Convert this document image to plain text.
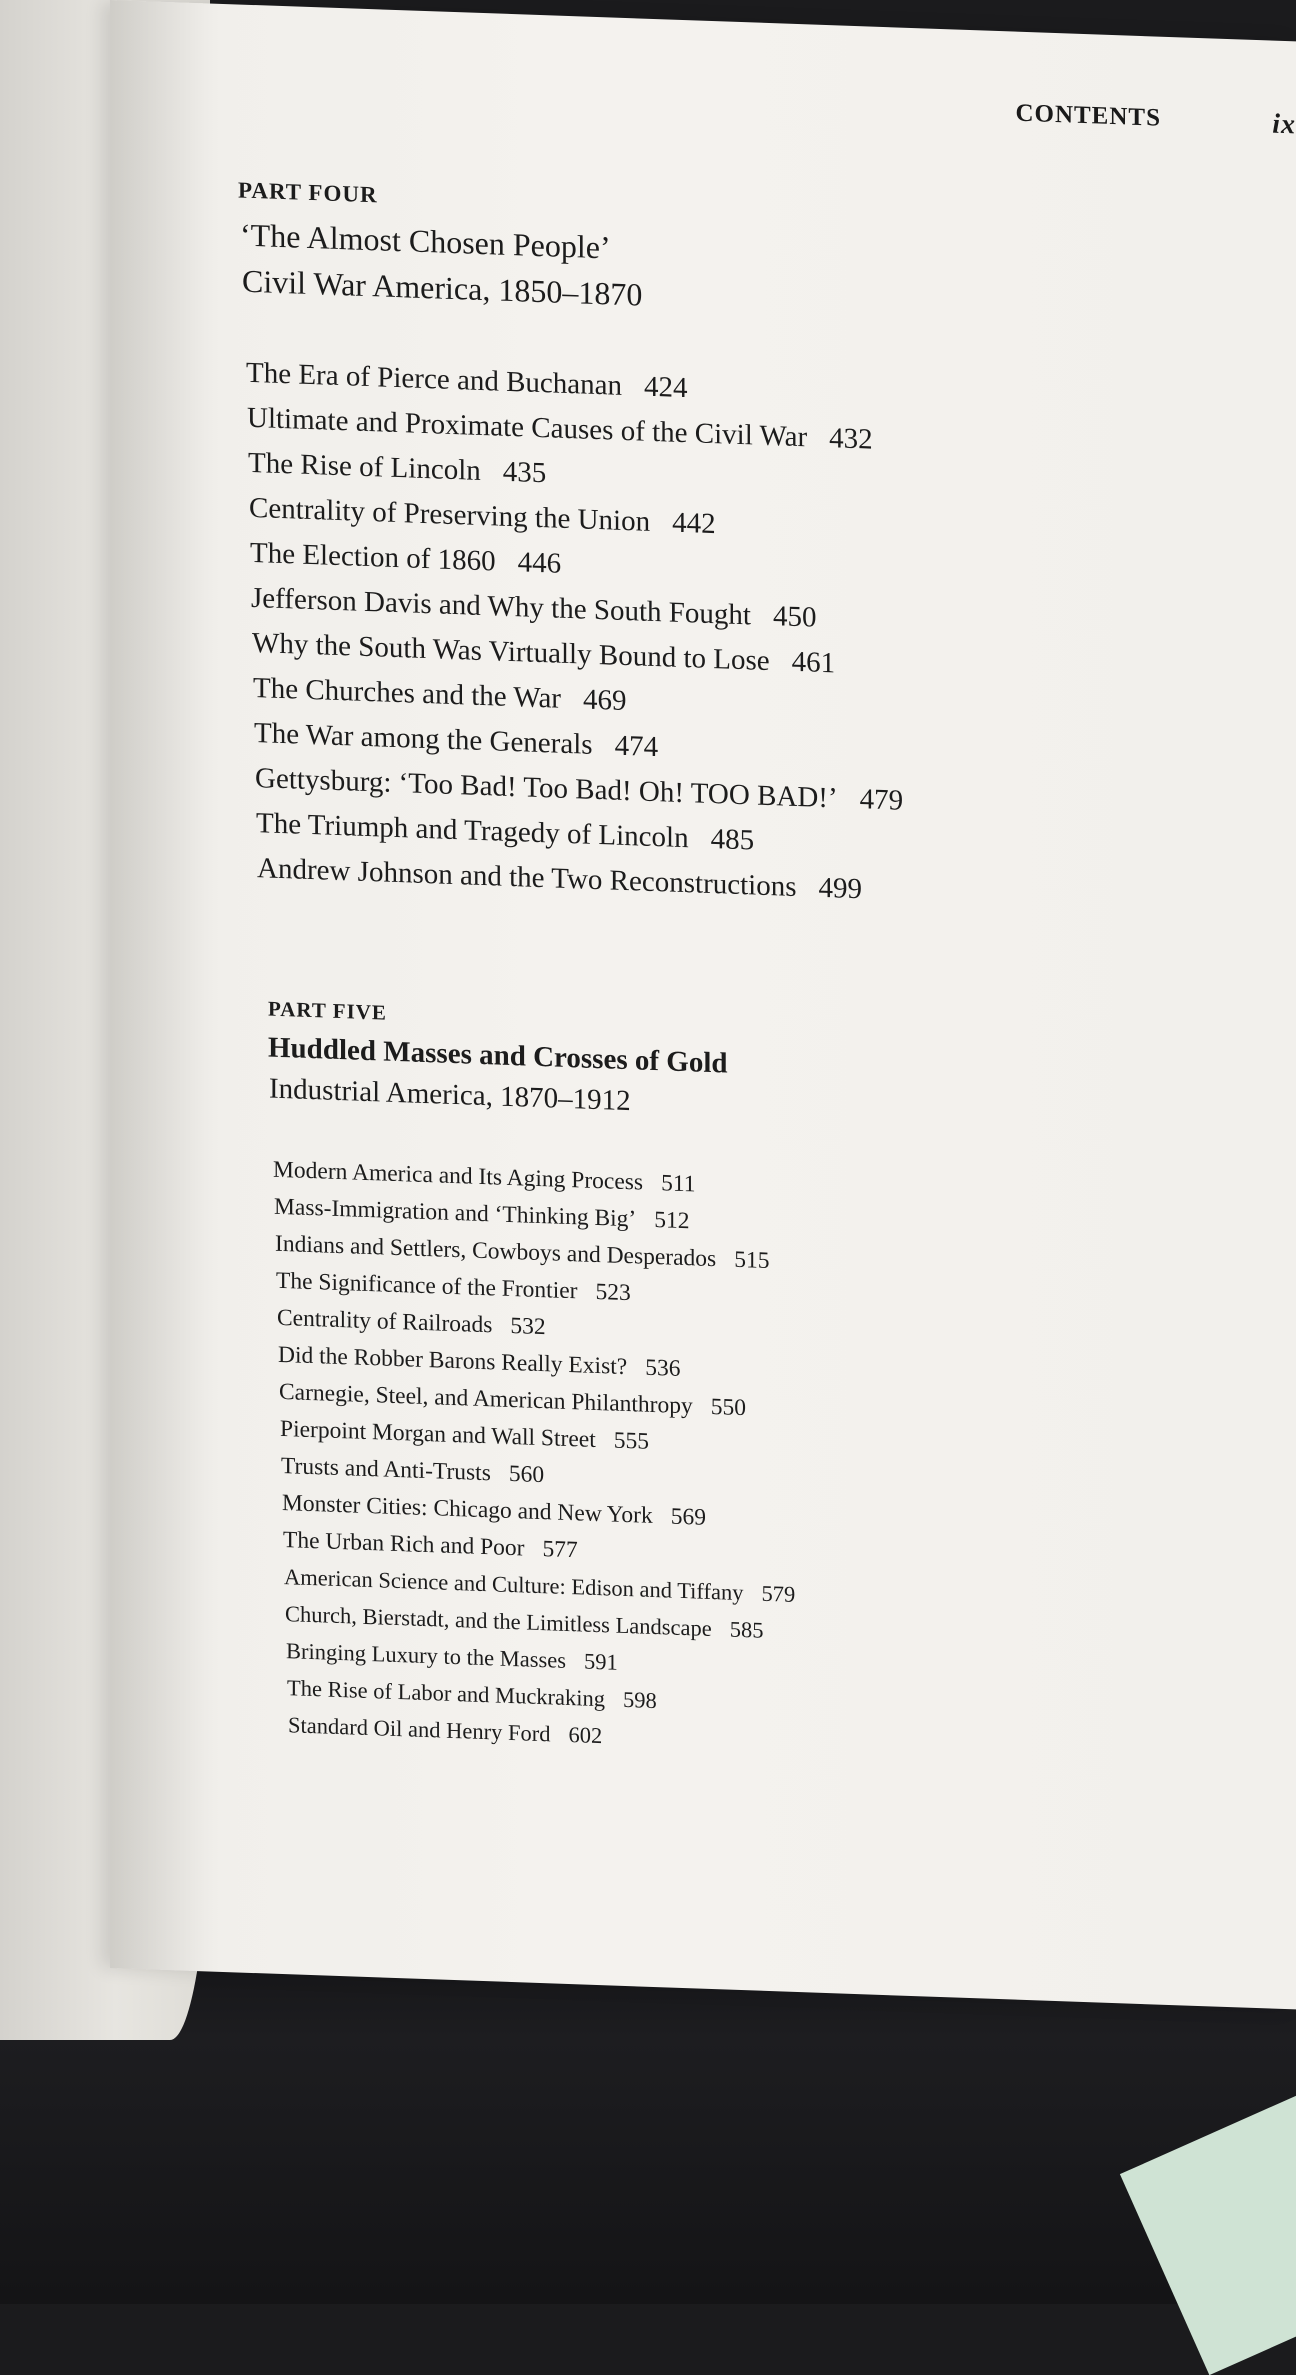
CONTENTS	ix
PART FOUR
‘The Almost Chosen People’
Civil War America, 1850–1870
The Era of Pierce and Buchanan 424
Ultimate and Proximate Causes of the Civil War 432
The Rise of Lincoln 435
Centrality of Preserving the Union 442
The Election of 1860 446
Jefferson Davis and Why the South Fought 450
Why the South Was Virtually Bound to Lose 461
The Churches and the War 469
The War among the Generals 474
Gettysburg: ‘Too Bad! Too Bad! Oh! TOO BAD!’ 479
The Triumph and Tragedy of Lincoln 485
Andrew Johnson and the Two Reconstructions 499
PART FIVE
Huddled Masses and Crosses of Gold
Industrial America, 1870–1912
Modern America and Its Aging Process 511
Mass-Immigration and ‘Thinking Big’ 512
Indians and Settlers, Cowboys and Desperados 515
The Significance of the Frontier 523
Centrality of Railroads 532
Did the Robber Barons Really Exist? 536
Carnegie, Steel, and American Philanthropy 550
Pierpoint Morgan and Wall Street 555
Trusts and Anti-Trusts 560
Monster Cities: Chicago and New York 569
The Urban Rich and Poor 577
American Science and Culture: Edison and Tiffany 579
Church, Bierstadt, and the Limitless Landscape 585
Bringing Luxury to the Masses 591
The Rise of Labor and Muckraking 598
Standard Oil and Henry Ford 602
